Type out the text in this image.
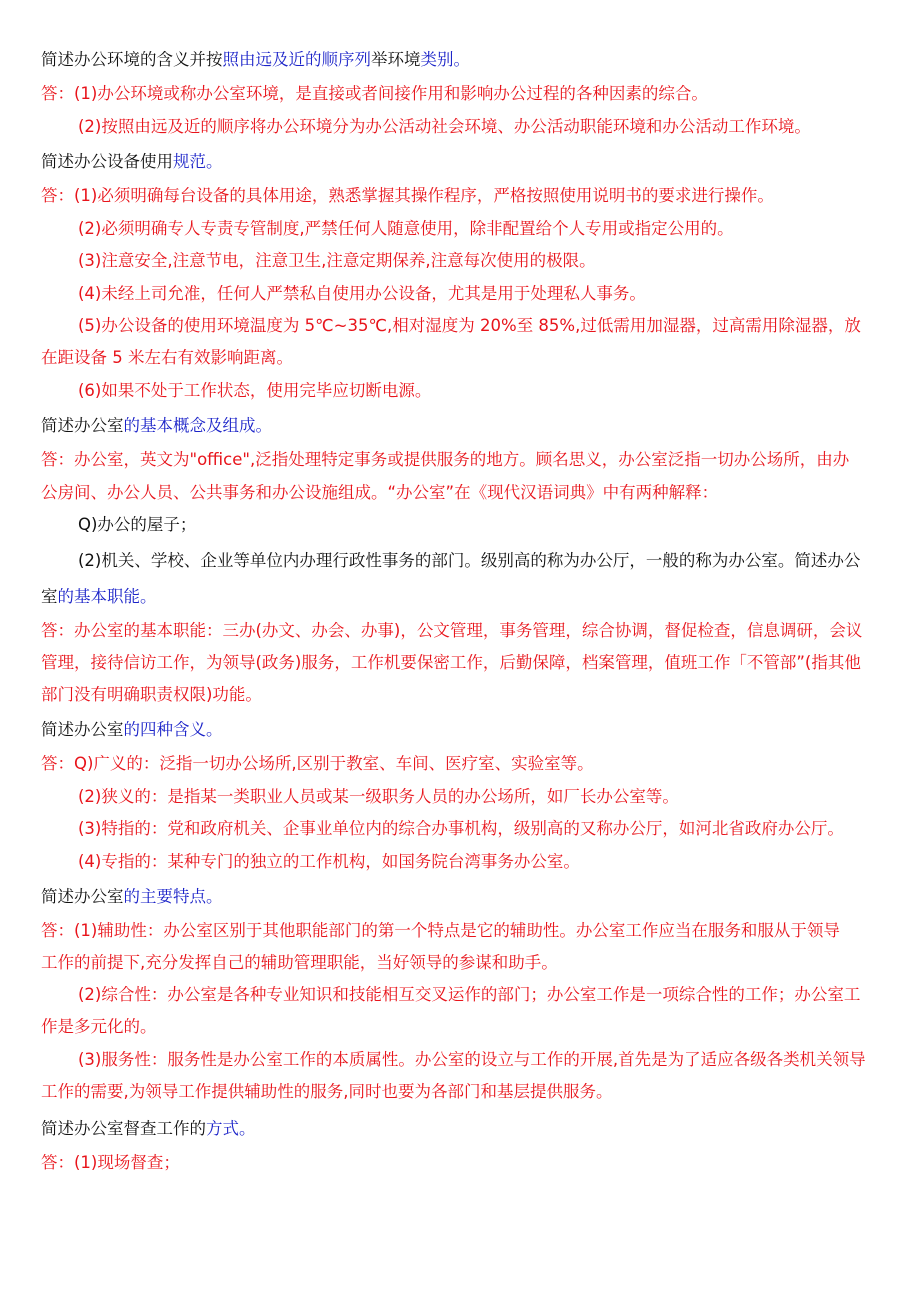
简述办公环境的含义并按照由远及近的顺序列举环境类别。
答：(1)办公环境或称办公室环境，是直接或者间接作用和影响办公过程的各种因素的综合。
(2)按照由远及近的顺序将办公环境分为办公活动社会环境、办公活动职能环境和办公活动工作环境。
简述办公设备使用规范。
答：(1)必须明确每台设备的具体用途，熟悉掌握其操作程序，严格按照使用说明书的要求进行操作。
(2)必须明确专人专责专管制度,严禁任何人随意使用，除非配置给个人专用或指定公用的。
(3)注意安全,注意节电，注意卫生,注意定期保养,注意每次使用的极限。
(4)未经上司允准，任何人严禁私自使用办公设备，尤其是用于处理私人事务。
(5)办公设备的使用环境温度为 5℃~35℃,相对湿度为 20%至 85%,过低需用加湿器，过高需用除湿器，放
在距设备 5 米左右有效影响距离。
(6)如果不处于工作状态，使用完毕应切断电源。
简述办公室的基本概念及组成。
答：办公室，英文为"office",泛指处理特定事务或提供服务的地方。顾名思义，办公室泛指一切办公场所，由办
公房间、办公人员、公共事务和办公设施组成。“办公室”在《现代汉语词典》中有两种解释：
Q)办公的屋子；
(2)机关、学校、企业等单位内办理行政性事务的部门。级别高的称为办公厅，一般的称为办公室。简述办公
室的基本职能。
答：办公室的基本职能：三办(办文、办会、办事)，公文管理，事务管理，综合协调，督促检查，信息调研，会议
管理，接待信访工作，为领导(政务)服务，工作机要保密工作，后勤保障，档案管理，值班工作「不管部”(指其他
部门没有明确职责权限)功能。
简述办公室的四种含义。
答：Q)广义的：泛指一切办公场所,区别于教室、车间、医疗室、实验室等。
(2)狭义的：是指某一类职业人员或某一级职务人员的办公场所，如厂长办公室等。
(3)特指的：党和政府机关、企事业单位内的综合办事机构，级别高的又称办公厅，如河北省政府办公厅。
(4)专指的：某种专门的独立的工作机构，如国务院台湾事务办公室。
简述办公室的主要特点。
答：(1)辅助性：办公室区别于其他职能部门的第一个特点是它的辅助性。办公室工作应当在服务和服从于领导
工作的前提下,充分发挥自己的辅助管理职能，当好领导的参谋和助手。
(2)综合性：办公室是各种专业知识和技能相互交叉运作的部门；办公室工作是一项综合性的工作；办公室工
作是多元化的。
(3)服务性：服务性是办公室工作的本质属性。办公室的设立与工作的开展,首先是为了适应各级各类机关领导
工作的需要,为领导工作提供辅助性的服务,同时也要为各部门和基层提供服务。
简述办公室督查工作的方式。
答：(1)现场督查；
